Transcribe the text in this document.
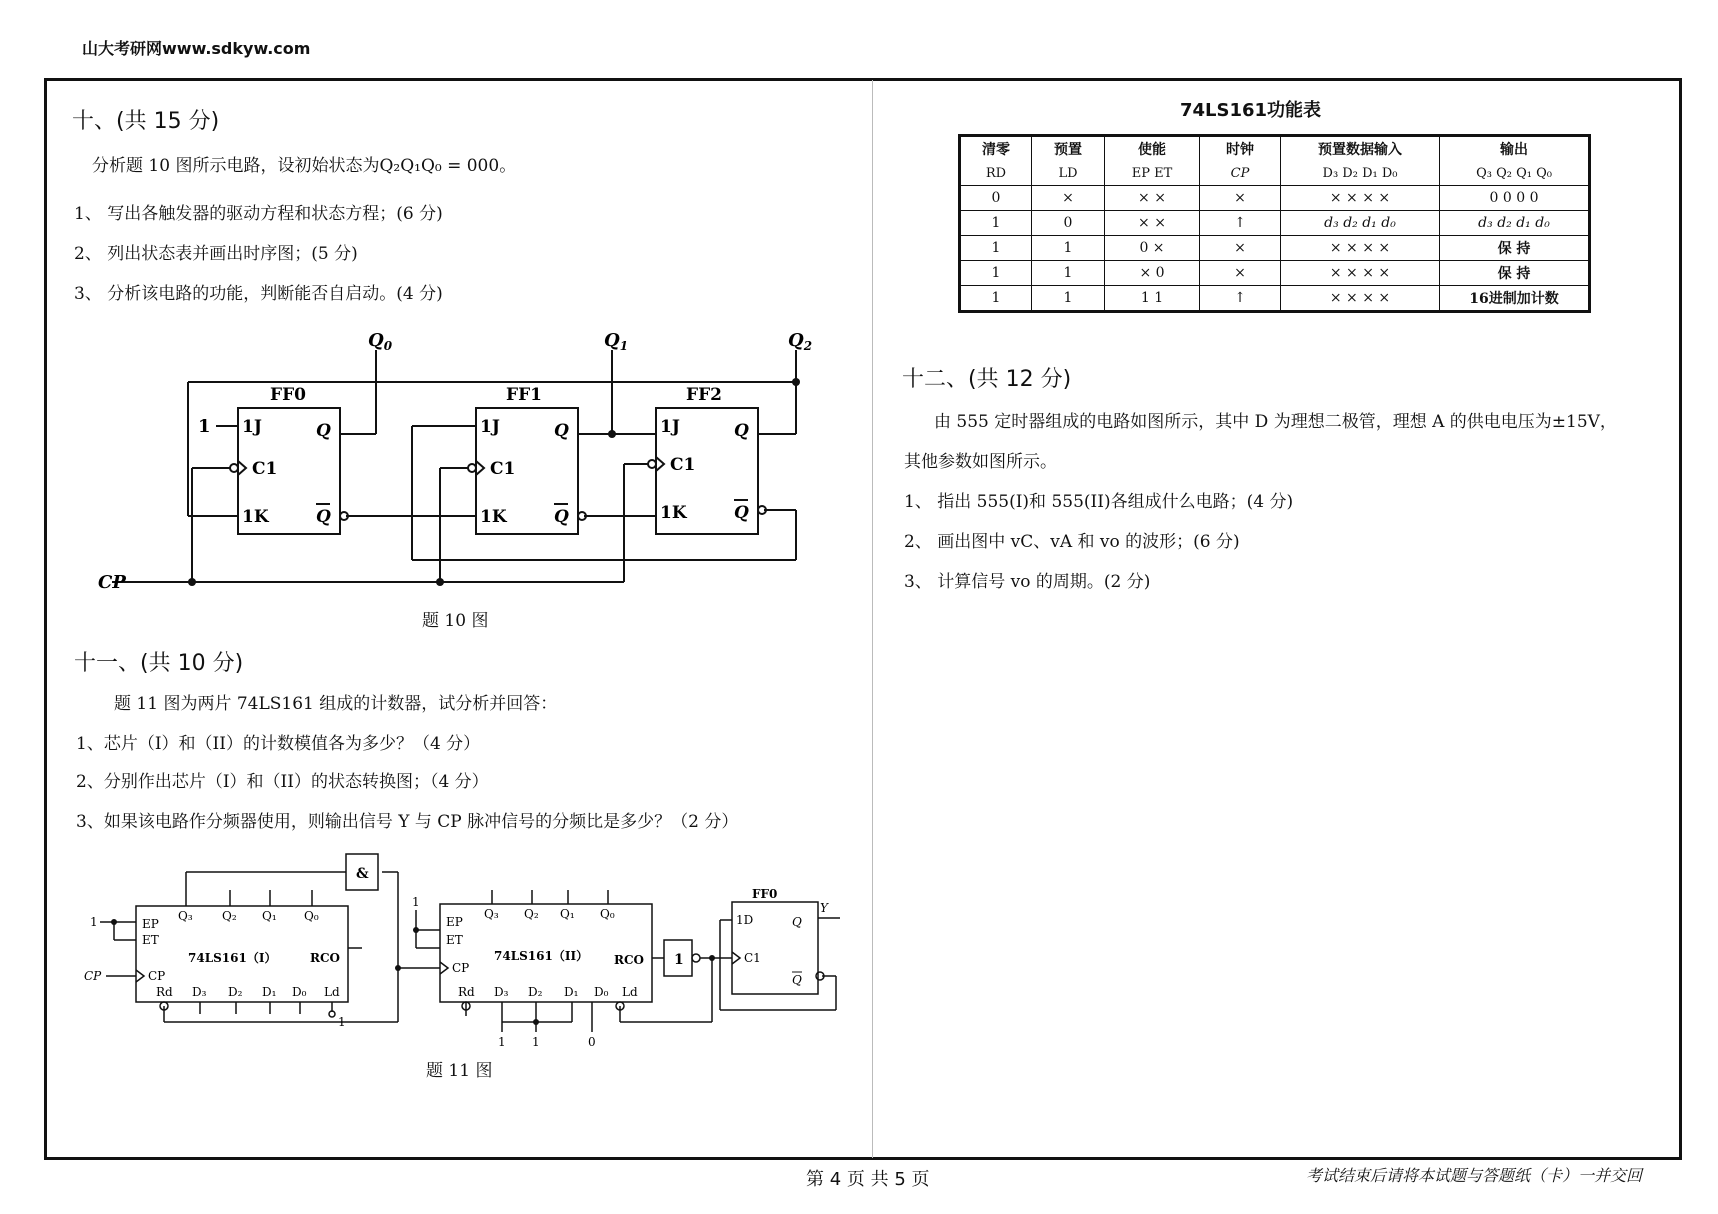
山大考研网www.sdkyw.com
十、(共 15 分)
分析题 10 图所示电路，设初始状态为Q₂Q₁Q₀ = 000。
1、 写出各触发器的驱动方程和状态方程；(6 分)
2、 列出状态表并画出时序图；(5 分)
3、 分析该电路的功能，判断能否自启动。(4 分)
FF0	FF1	FF2
1J
C1
1K
Q
Q
1J
C1
1K
Q
Q
1J
C1
1K
Q
Q
$Q_0$	$Q_1$	$Q_2$
1
CP
题 10 图
十一、(共 10 分)
题 11 图为两片 74LS161 组成的计数器，试分析并回答：
1、芯片（I）和（II）的计数模值各为多少？（4 分）
2、分别作出芯片（I）和（II）的状态转换图；（4 分）
3、如果该电路作分频器使用，则输出信号 Y 与 CP 脉冲信号的分频比是多少？（2 分）
&
1
EP
ET
CP
Q₃ Q₂ Q₁ Q₀
74LS161（I）	RCO
Rd D₃ D₂ D₁ D₀ Ld
EP
ET
CP
Q₃ Q₂ Q₁ Q₀
74LS161（II） RCO
Rd D₃ D₂ D₁ D₀ Ld
FF0
1D
C1
Q
Q
Y
1
CP
1
1
1 1	0
题 11 图
74LS161功能表
清零	预置	使能	时钟	预置数据输入	输出
RD	LD	EP ET	CP	D₃ D₂ D₁ D₀	Q₃ Q₂ Q₁ Q₀
0	×	× ×	×	× × × ×	0 0 0 0
1	0	× ×	↑	d₃ d₂ d₁ d₀	d₃ d₂ d₁ d₀
1	1	0 ×	×	× × × ×	保 持
1	1	× 0	×	× × × ×	保 持
1	1	1 1	↑	× × × ×	16进制加计数
十二、(共 12 分)
由 555 定时器组成的电路如图所示，其中 D 为理想二极管，理想 A 的供电电压为±15V，
其他参数如图所示。
1、 指出 555(I)和 555(II)各组成什么电路；(4 分)
2、 画出图中 vC、vA 和 vo 的波形；(6 分)
3、 计算信号 vo 的周期。(2 分)
第 4 页 共 5 页	考试结束后请将本试题与答题纸（卡）一并交回
